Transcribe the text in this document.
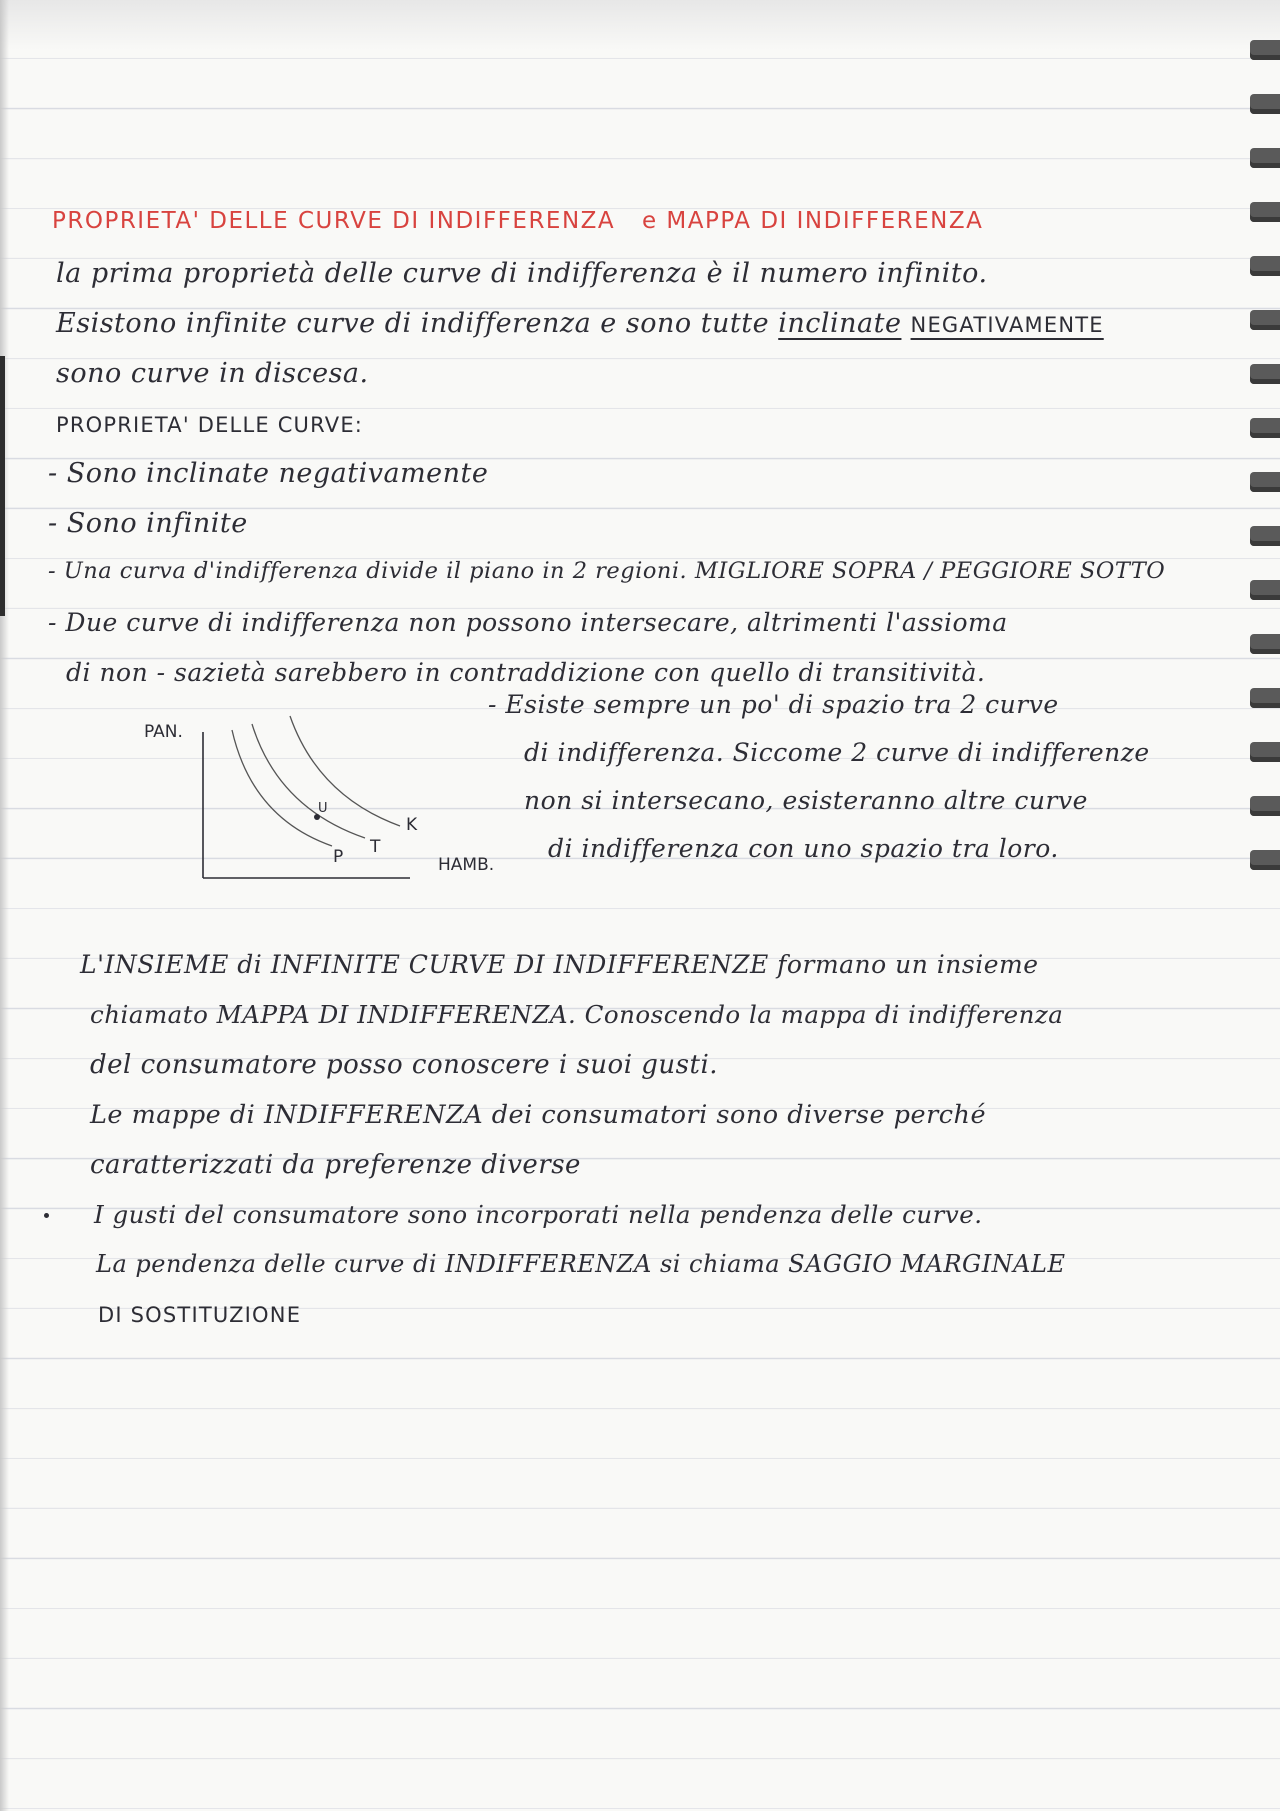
PROPRIETA' DELLE CURVE DI INDIFFERENZA e MAPPA DI INDIFFERENZA
la prima proprietà delle curve di indifferenza è il numero infinito.
Esistono infinite curve di indifferenza e sono tutte inclinate NEGATIVAMENTE
sono curve in discesa.
PROPRIETA' DELLE CURVE:
- Sono inclinate negativamente
- Sono infinite
- Una curva d'indifferenza divide il piano in 2 regioni. MIGLIORE SOPRA / PEGGIORE SOTTO
- Due curve di indifferenza non possono intersecare, altrimenti l'assioma
di non - sazietà sarebbero in contraddizione con quello di transitività.
PAN.
HAMB.
P T
K
U
- Esiste sempre un po' di spazio tra 2 curve
di indifferenza. Siccome 2 curve di indifferenze
non si intersecano, esisteranno altre curve
di indifferenza con uno spazio tra loro.
L'INSIEME di INFINITE CURVE DI INDIFFERENZE formano un insieme
chiamato MAPPA DI INDIFFERENZA. Conoscendo la mappa di indifferenza
del consumatore posso conoscere i suoi gusti.
Le mappe di INDIFFERENZA dei consumatori sono diverse perché
caratterizzati da preferenze diverse
I gusti del consumatore sono incorporati nella pendenza delle curve.
La pendenza delle curve di INDIFFERENZA si chiama SAGGIO MARGINALE
DI SOSTITUZIONE
